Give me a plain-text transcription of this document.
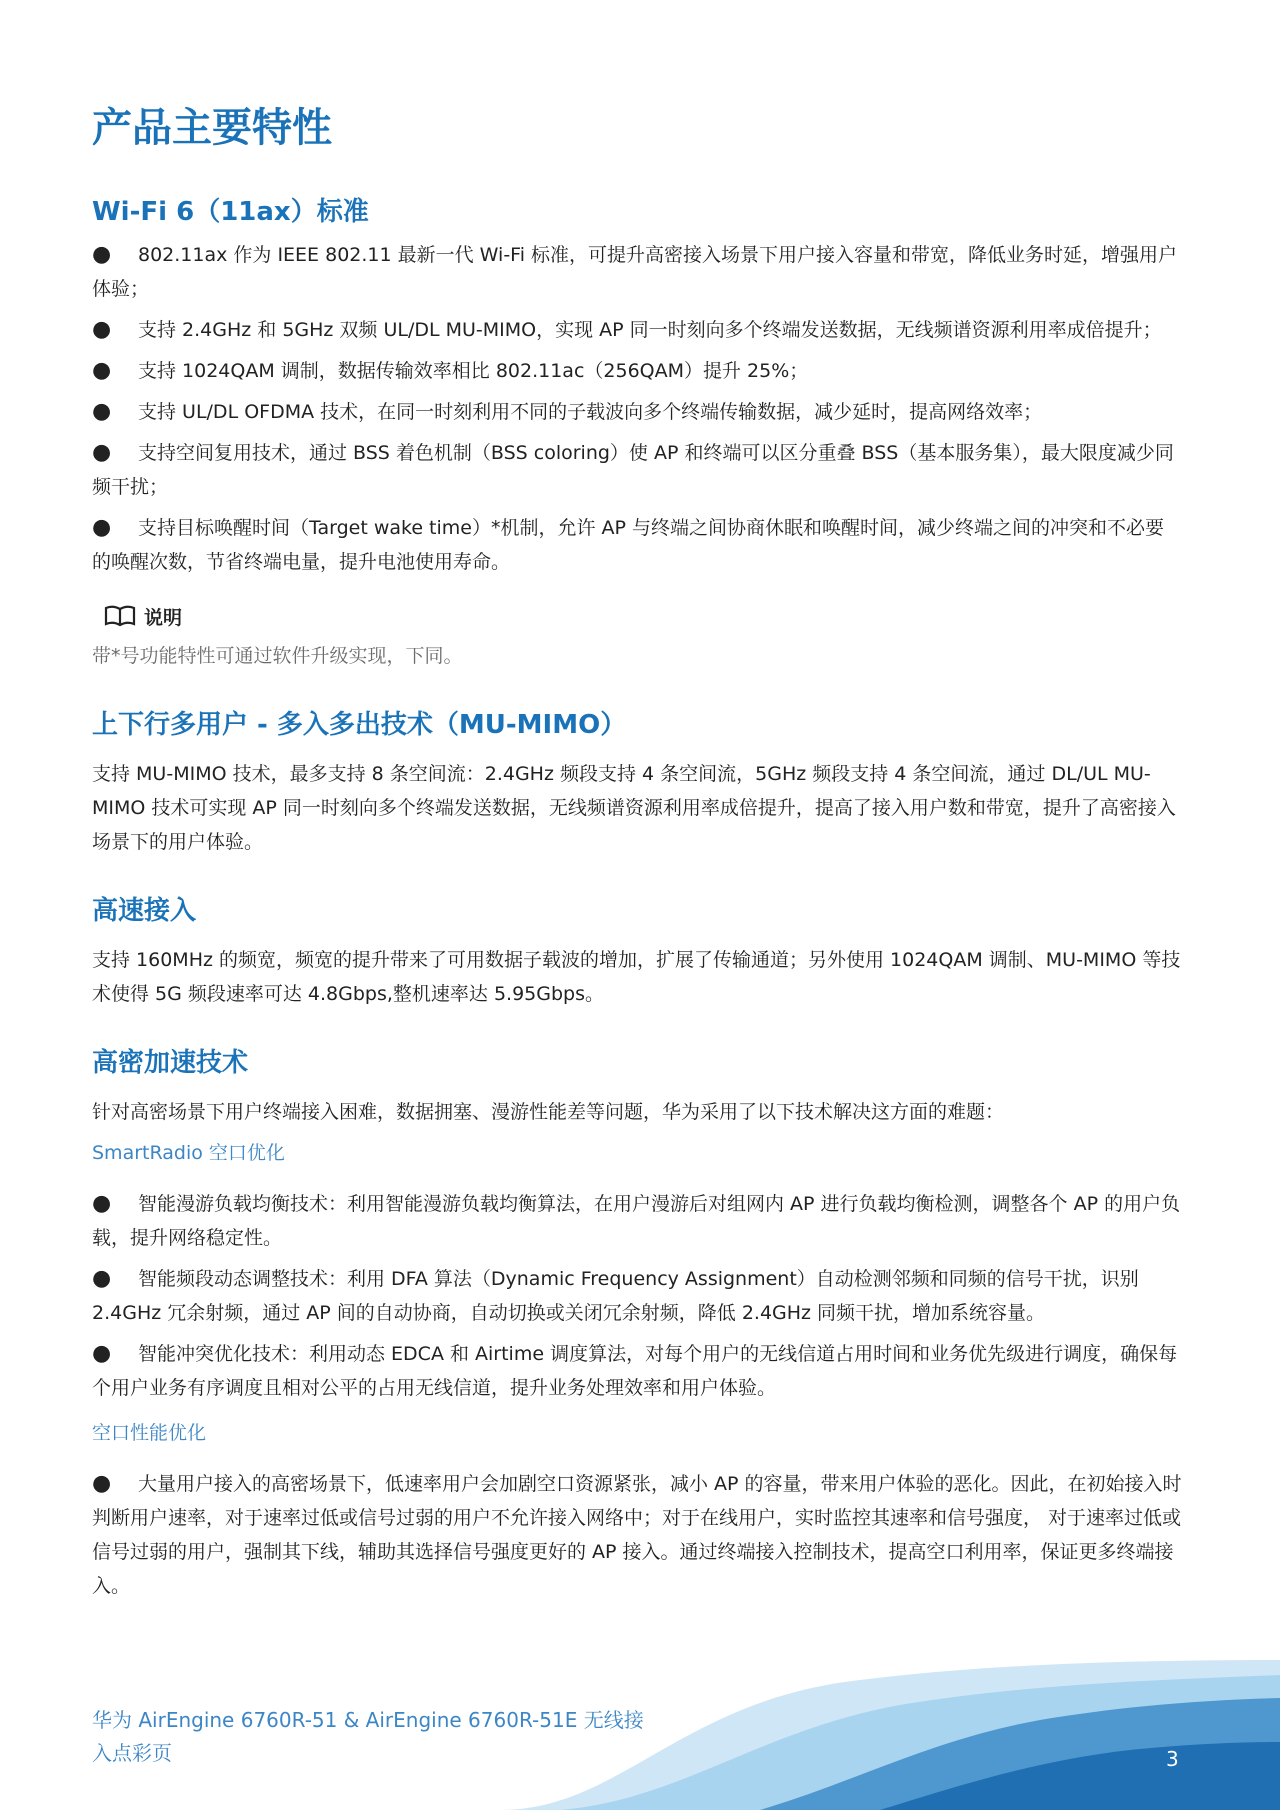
产品主要特性
Wi-Fi 6（11ax）标准

● 802.11ax 作为 IEEE 802.11 最新一代 Wi-Fi 标准，可提升高密接入场景下用户接入容量和带宽，降低业务时延，增强用户体验；

● 支持 2.4GHz 和 5GHz 双频 UL/DL MU-MIMO，实现 AP 同一时刻向多个终端发送数据，无线频谱资源利用率成倍提升；

● 支持 1024QAM 调制，数据传输效率相比 802.11ac（256QAM）提升 25%；

● 支持 UL/DL OFDMA 技术，在同一时刻利用不同的子载波向多个终端传输数据，减少延时，提高网络效率；

● 支持空间复用技术，通过 BSS 着色机制（BSS coloring）使 AP 和终端可以区分重叠 BSS（基本服务集），最大限度减少同频干扰；

● 支持目标唤醒时间（Target wake time）*机制，允许 AP 与终端之间协商休眠和唤醒时间，减少终端之间的冲突和不必要的唤醒次数，节省终端电量，提升电池使用寿命。

说明

带*号功能特性可通过软件升级实现，下同。

上下行多用户 - 多入多出技术（MU-MIMO）

支持 MU-MIMO 技术，最多支持 8 条空间流：2.4GHz 频段支持 4 条空间流，5GHz 频段支持 4 条空间流，通过 DL/UL MU-MIMO 技术可实现 AP 同一时刻向多个终端发送数据，无线频谱资源利用率成倍提升，提高了接入用户数和带宽，提升了高密接入场景下的用户体验。

高速接入

支持 160MHz 的频宽，频宽的提升带来了可用数据子载波的增加，扩展了传输通道；另外使用 1024QAM 调制、MU-MIMO 等技术使得 5G 频段速率可达 4.8Gbps,整机速率达 5.95Gbps。

高密加速技术

针对高密场景下用户终端接入困难，数据拥塞、漫游性能差等问题，华为采用了以下技术解决这方面的难题：

SmartRadio 空口优化

● 智能漫游负载均衡技术：利用智能漫游负载均衡算法，在用户漫游后对组网内 AP 进行负载均衡检测，调整各个 AP 的用户负载，提升网络稳定性。

● 智能频段动态调整技术：利用 DFA 算法（Dynamic Frequency Assignment）自动检测邻频和同频的信号干扰，识别 2.4GHz 冗余射频，通过 AP 间的自动协商，自动切换或关闭冗余射频，降低 2.4GHz 同频干扰，增加系统容量。

● 智能冲突优化技术：利用动态 EDCA 和 Airtime 调度算法，对每个用户的无线信道占用时间和业务优先级进行调度，确保每个用户业务有序调度且相对公平的占用无线信道，提升业务处理效率和用户体验。

空口性能优化

● 大量用户接入的高密场景下，低速率用户会加剧空口资源紧张，减小 AP 的容量，带来用户体验的恶化。因此，在初始接入时判断用户速率，对于速率过低或信号过弱的用户不允许接入网络中；对于在线用户，实时监控其速率和信号强度， 对于速率过低或信号过弱的用户，强制其下线，辅助其选择信号强度更好的 AP 接入。通过终端接入控制技术，提高空口利用率，保证更多终端接入。

华为 AirEngine 6760R-51 & AirEngine 6760R-51E 无线接入点彩页	3
